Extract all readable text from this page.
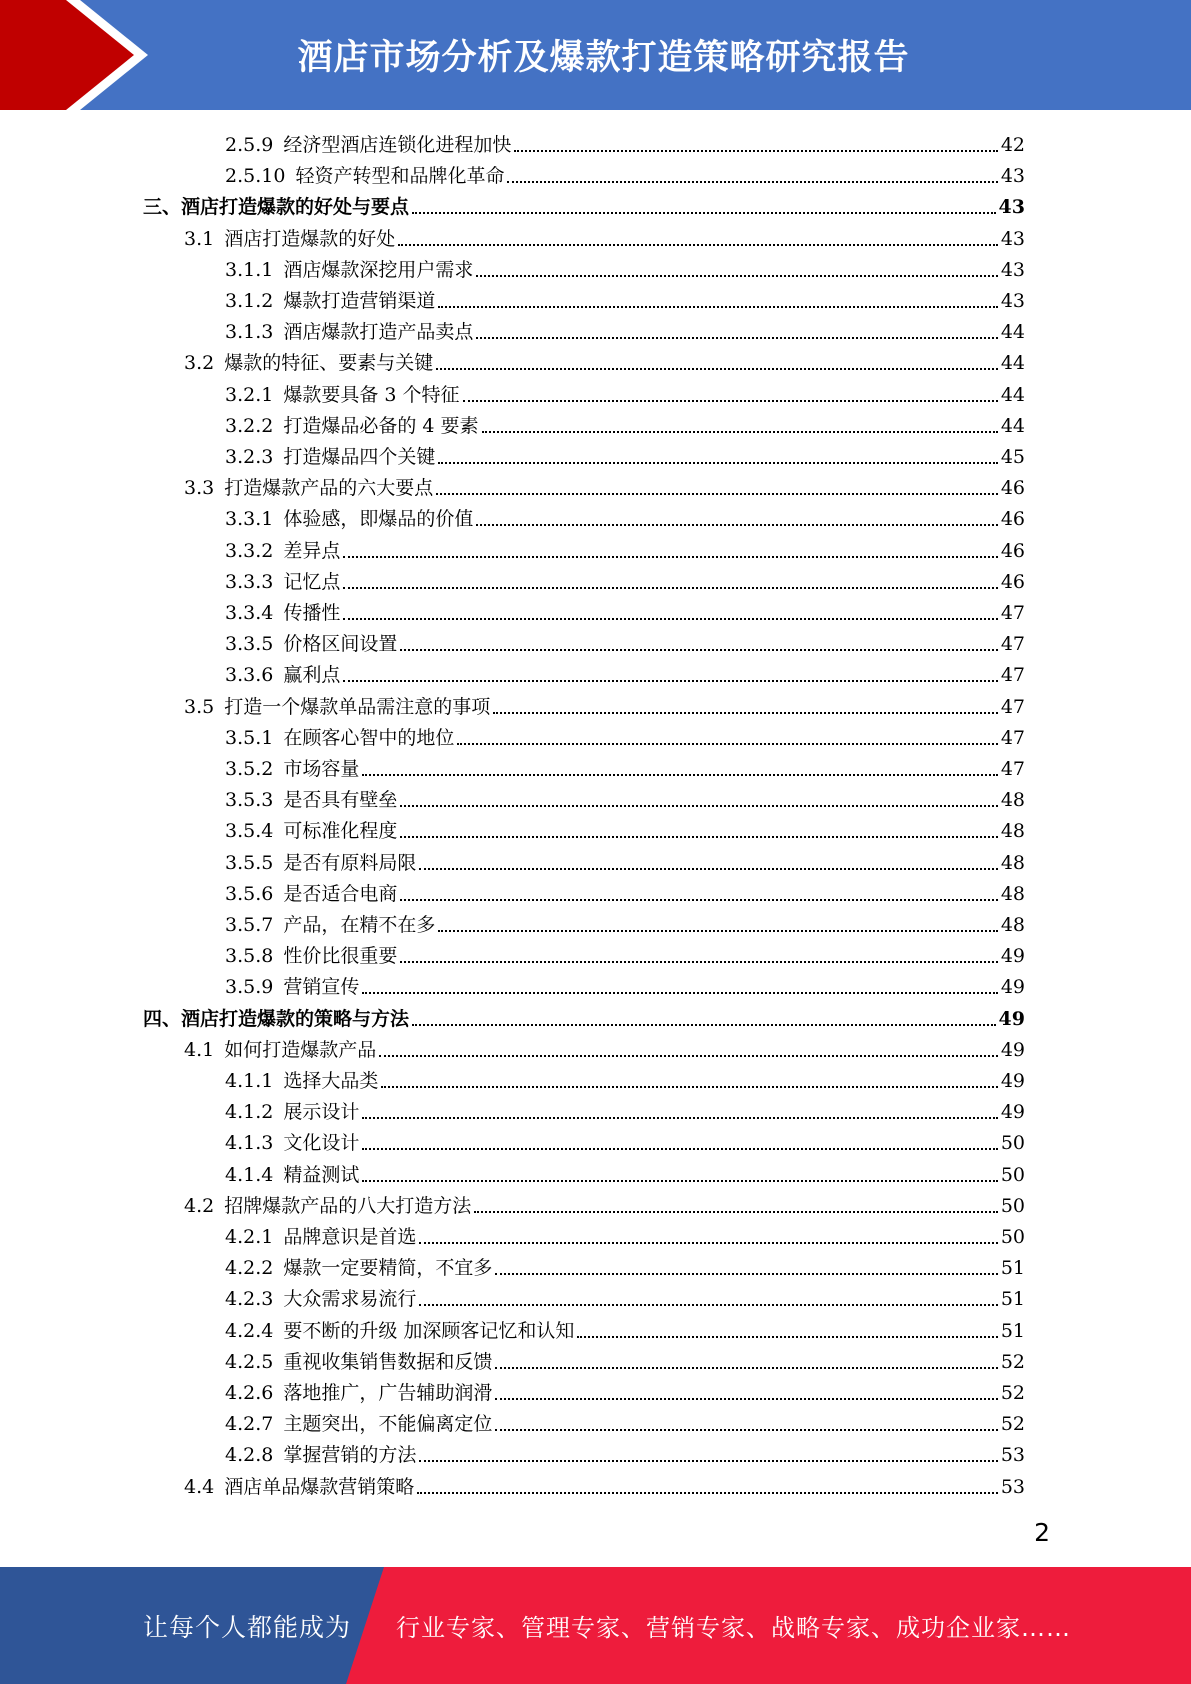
酒店市场分析及爆款打造策略研究报告
2.5.9 经济型酒店连锁化进程加快	42
2.5.10 轻资产转型和品牌化革命	43
三、 酒店打造爆款的好处与要点	43
3.1 酒店打造爆款的好处	43
3.1.1 酒店爆款深挖用户需求	43
3.1.2 爆款打造营销渠道	43
3.1.3 酒店爆款打造产品卖点	44
3.2 爆款的特征、要素与关键	44
3.2.1 爆款要具备 3 个特征	44
3.2.2 打造爆品必备的 4 要素	44
3.2.3 打造爆品四个关键	45
3.3 打造爆款产品的六大要点	46
3.3.1 体验感，即爆品的价值	46
3.3.2 差异点	46
3.3.3 记忆点	46
3.3.4 传播性	47
3.3.5 价格区间设置	47
3.3.6 赢利点	47
3.5 打造一个爆款单品需注意的事项	47
3.5.1 在顾客心智中的地位	47
3.5.2 市场容量	47
3.5.3 是否具有壁垒	48
3.5.4 可标准化程度	48
3.5.5 是否有原料局限	48
3.5.6 是否适合电商	48
3.5.7 产品，在精不在多	48
3.5.8 性价比很重要	49
3.5.9 营销宣传	49
四、 酒店打造爆款的策略与方法	49
4.1 如何打造爆款产品	49
4.1.1 选择大品类	49
4.1.2 展示设计	49
4.1.3 文化设计	50
4.1.4 精益测试	50
4.2 招牌爆款产品的八大打造方法	50
4.2.1 品牌意识是首选	50
4.2.2 爆款一定要精简，不宜多	51
4.2.3 大众需求易流行	51
4.2.4 要不断的升级 加深顾客记忆和认知	51
4.2.5 重视收集销售数据和反馈	52
4.2.6 落地推广，广告辅助润滑	52
4.2.7 主题突出，不能偏离定位	52
4.2.8 掌握营销的方法	53
4.4 酒店单品爆款营销策略	53
2
让每个人都能成为 行业专家、管理专家、营销专家、战略专家、成功企业家……
